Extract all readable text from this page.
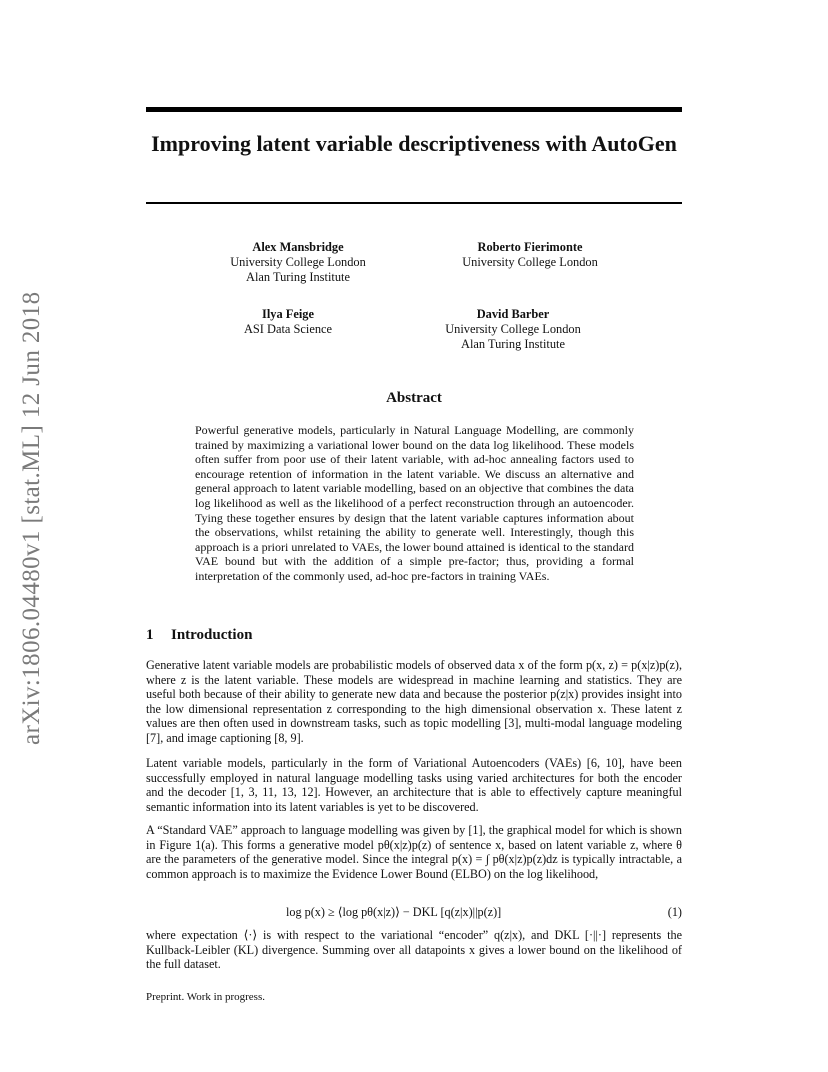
arXiv:1806.04480v1 [stat.ML] 12 Jun 2018
Improving latent variable descriptiveness with AutoGen
Alex Mansbridge
University College London
Alan Turing Institute
Roberto Fierimonte
University College London
Ilya Feige
ASI Data Science
David Barber
University College London
Alan Turing Institute
Abstract
Powerful generative models, particularly in Natural Language Modelling, are commonly trained by maximizing a variational lower bound on the data log likelihood. These models often suffer from poor use of their latent variable, with ad-hoc annealing factors used to encourage retention of information in the latent variable. We discuss an alternative and general approach to latent variable modelling, based on an objective that combines the data log likelihood as well as the likelihood of a perfect reconstruction through an autoencoder. Tying these together ensures by design that the latent variable captures information about the observations, whilst retaining the ability to generate well. Interestingly, though this approach is a priori unrelated to VAEs, the lower bound attained is identical to the standard VAE bound but with the addition of a simple pre-factor; thus, providing a formal interpretation of the commonly used, ad-hoc pre-factors in training VAEs.
1 Introduction
Generative latent variable models are probabilistic models of observed data x of the form p(x, z) = p(x|z)p(z), where z is the latent variable. These models are widespread in machine learning and statistics. They are useful both because of their ability to generate new data and because the posterior p(z|x) provides insight into the low dimensional representation z corresponding to the high dimensional observation x. These latent z values are then often used in downstream tasks, such as topic modelling [3], multi-modal language modeling [7], and image captioning [8, 9].
Latent variable models, particularly in the form of Variational Autoencoders (VAEs) [6, 10], have been successfully employed in natural language modelling tasks using varied architectures for both the encoder and the decoder [1, 3, 11, 13, 12]. However, an architecture that is able to effectively capture meaningful semantic information into its latent variables is yet to be discovered.
A “Standard VAE” approach to language modelling was given by [1], the graphical model for which is shown in Figure 1(a). This forms a generative model pθ(x|z)p(z) of sentence x, based on latent variable z, where θ are the parameters of the generative model. Since the integral p(x) = ∫ pθ(x|z)p(z)dz is typically intractable, a common approach is to maximize the Evidence Lower Bound (ELBO) on the log likelihood,
log p(x) ≥ ⟨log pθ(x|z)⟩ − DKL [q(z|x)||p(z)]	(1)
where expectation ⟨·⟩ is with respect to the variational “encoder” q(z|x), and DKL [·||·] represents the Kullback-Leibler (KL) divergence. Summing over all datapoints x gives a lower bound on the likelihood of the full dataset.
Preprint. Work in progress.
